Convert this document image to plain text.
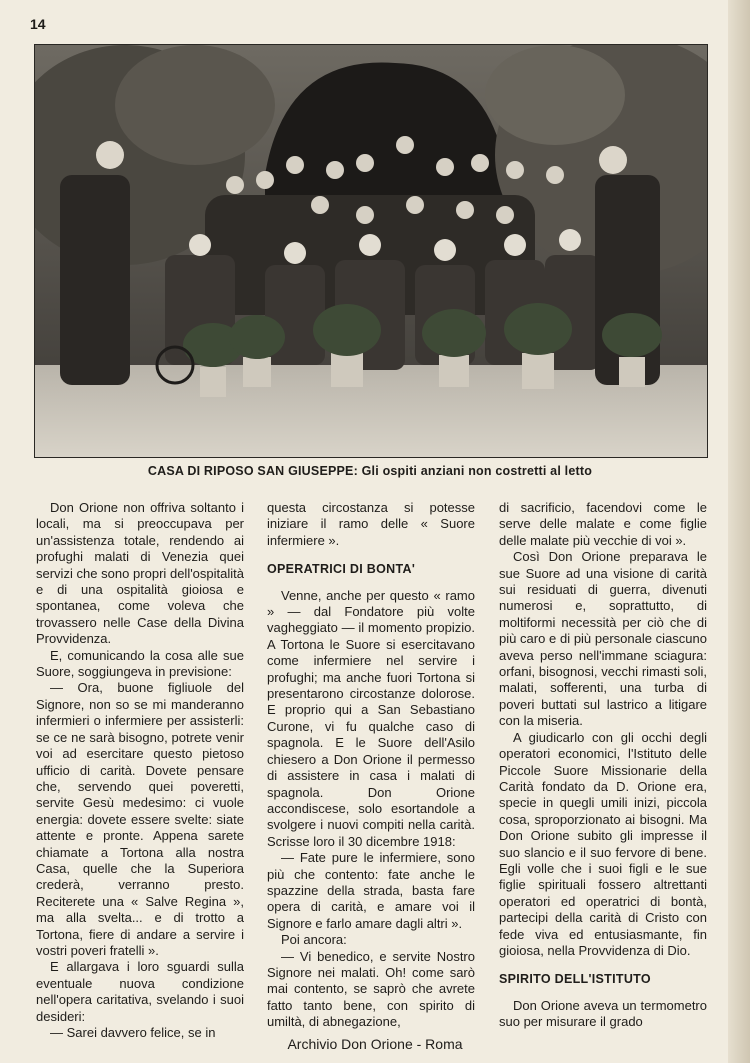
14
CASA DI RIPOSO SAN GIUSEPPE: Gli ospiti anziani non costretti al letto

Don Orione non offriva soltanto i locali, ma si preoccupava per un'assistenza totale, rendendo ai profughi malati di Venezia quei servizi che sono propri dell'ospitalità e di una ospitalità gioiosa e spontanea, come voleva che trovassero nelle Case della Divina Provvidenza.

E, comunicando la cosa alle sue Suore, soggiungeva in previsione:

— Ora, buone figliuole del Signore, non so se mi manderanno infermieri o infermiere per assisterli: se ce ne sarà bisogno, potrete venir voi ad esercitare questo pietoso ufficio di carità. Dovete pensare che, servendo quei poveretti, servite Gesù medesimo: ci vuole energia: dovete essere svelte: siate attente e pronte. Appena sarete chiamate a Tortona alla nostra Casa, quelle che la Superiora crederà, verranno presto. Reciterete una « Salve Regina », ma alla svelta... e di trotto a Tortona, fiere di andare a servire i vostri poveri fratelli ».

E allargava i loro sguardi sulla eventuale nuova condizione nell'opera caritativa, svelando i suoi desideri:

— Sarei davvero felice, se in

questa circostanza si potesse iniziare il ramo delle « Suore infermiere ».

OPERATRICI DI BONTA'

Venne, anche per questo « ramo » — dal Fondatore più volte vagheggiato — il momento propizio. A Tortona le Suore si esercitavano come infermiere nel servire i profughi; ma anche fuori Tortona si presentarono circostanze dolorose. E proprio qui a San Sebastiano Curone, vi fu qualche caso di spagnola. E le Suore dell'Asilo chiesero a Don Orione il permesso di assistere in casa i malati di spagnola. Don Orione accondiscese, solo esortandole a svolgere i nuovi compiti nella carità. Scrisse loro il 30 dicembre 1918:

— Fate pure le infermiere, sono più che contento: fate anche le spazzine della strada, basta fare opera di carità, e amare voi il Signore e farlo amare dagli altri ».

Poi ancora:

— Vi benedico, e servite Nostro Signore nei malati. Oh! come sarò mai contento, se saprò che avrete fatto tanto bene, con spirito di umiltà, di abnegazione,

di sacrificio, facendovi come le serve delle malate e come figlie delle malate più vecchie di voi ».

Così Don Orione preparava le sue Suore ad una visione di carità sui residuati di guerra, divenuti numerosi e, soprattutto, di moltiformi necessità per ciò che di più caro e di più personale ciascuno aveva perso nell'immane sciagura: orfani, bisognosi, vecchi rimasti soli, malati, sofferenti, una turba di poveri buttati sul lastrico a litigare con la miseria.

A giudicarlo con gli occhi degli operatori economici, l'Istituto delle Piccole Suore Missionarie della Carità fondato da D. Orione era, specie in quegli umili inizi, piccola cosa, sproporzionato ai bisogni. Ma Don Orione subito gli impresse il suo slancio e il suo fervore di bene. Egli volle che i suoi figli e le sue figlie spirituali fossero altrettanti operatori ed operatrici di bontà, partecipi della carità di Cristo con fede viva ed entusiasmante, fin gioiosa, nella Provvidenza di Dio.

SPIRITO DELL'ISTITUTO

Don Orione aveva un termometro suo per misurare il grado

Archivio Don Orione - Roma
